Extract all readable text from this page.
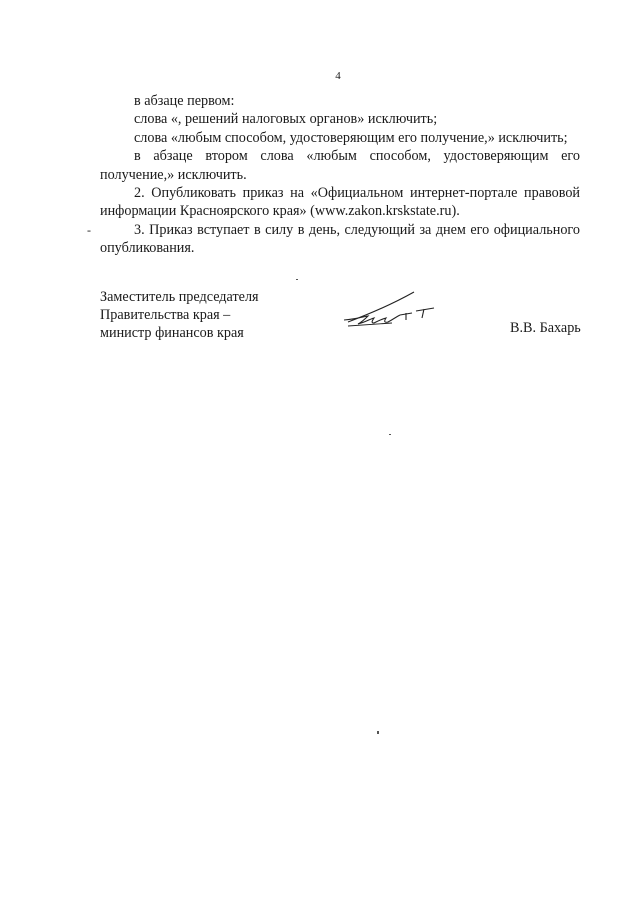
4

в абзаце первом:

слова «, решений налоговых органов» исключить;

слова «любым способом, удостоверяющим его получение,» исключить;

в абзаце втором слова «любым способом, удостоверяющим его получение,» исключить.

2. Опубликовать приказ на «Официальном интернет-портале правовой информации Красноярского края» (www.zakon.krskstate.ru).

-	3. Приказ вступает в силу в день, следующий за днем его официального опубликования.

Заместитель председателя
Правительства края –
министр финансов края	В.В. Бахарь
